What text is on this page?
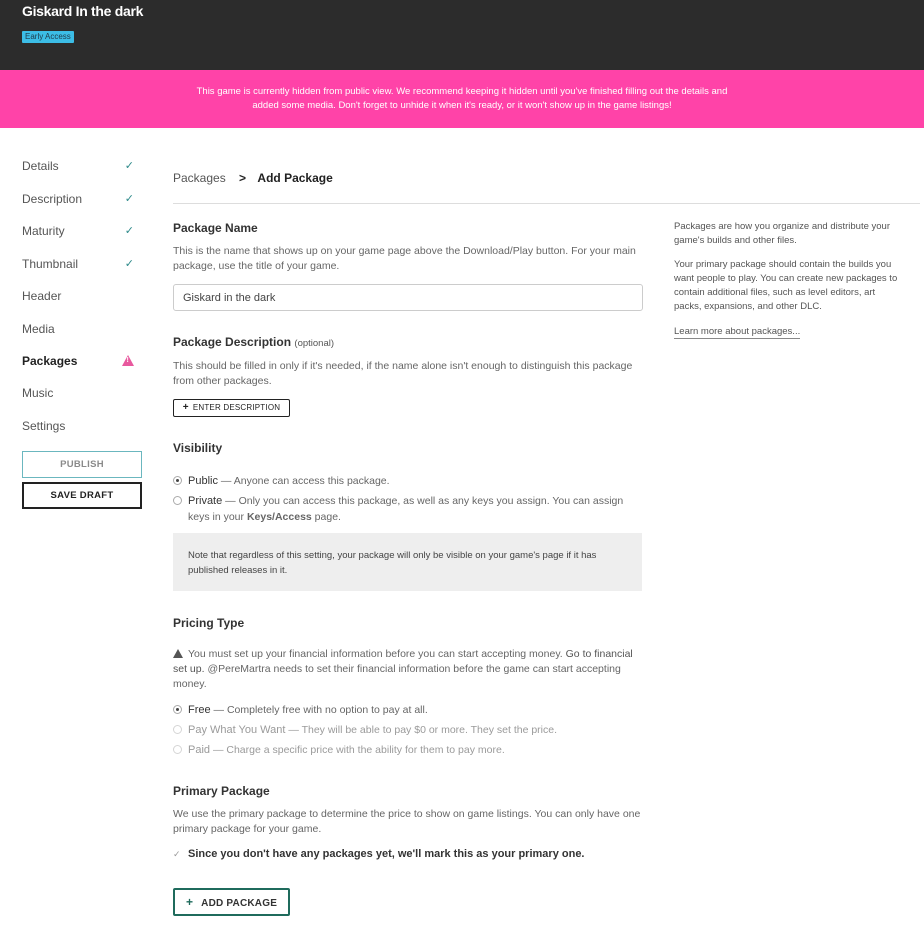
Giskard In the dark
Early Access
This game is currently hidden from public view. We recommend keeping it hidden until you've finished filling out the details and
added some media. Don't forget to unhide it when it's ready, or it won't show up in the game listings!
Details	✓
Description	✓
Maturity	✓
Thumbnail	✓
Header
Media
Packages
!
Music
Settings
PUBLISH
SAVE DRAFT
Packages > Add Package
Package Name
This is the name that shows up on your game page above the Download/Play button. For your main package, use the title of your game.
Giskard in the dark
Package Description (optional)
This should be filled in only if it's needed, if the name alone isn't enough to distinguish this package from other packages.
+ ENTER DESCRIPTION
Visibility
Public — Anyone can access this package.
Private — Only you can access this package, as well as any keys you assign. You can assign keys in your Keys/Access page.
Note that regardless of this setting, your package will only be visible on your game's page if it has published releases in it.
Pricing Type
You must set up your financial information before you can start accepting money. Go to financial set up. @PereMartra needs to set their financial information before the game can start accepting money.
Free — Completely free with no option to pay at all.
Pay What You Want — They will be able to pay $0 or more. They set the price.
Paid — Charge a specific price with the ability for them to pay more.
Primary Package
We use the primary package to determine the price to show on game listings. You can only have one primary package for your game.
✓ Since you don't have any packages yet, we'll mark this as your primary one.
+ ADD PACKAGE
Packages are how you organize and distribute your game's builds and other files.
Your primary package should contain the builds you want people to play. You can create new packages to contain additional files, such as level editors, art packs, expansions, and other DLC.
Learn more about packages...
